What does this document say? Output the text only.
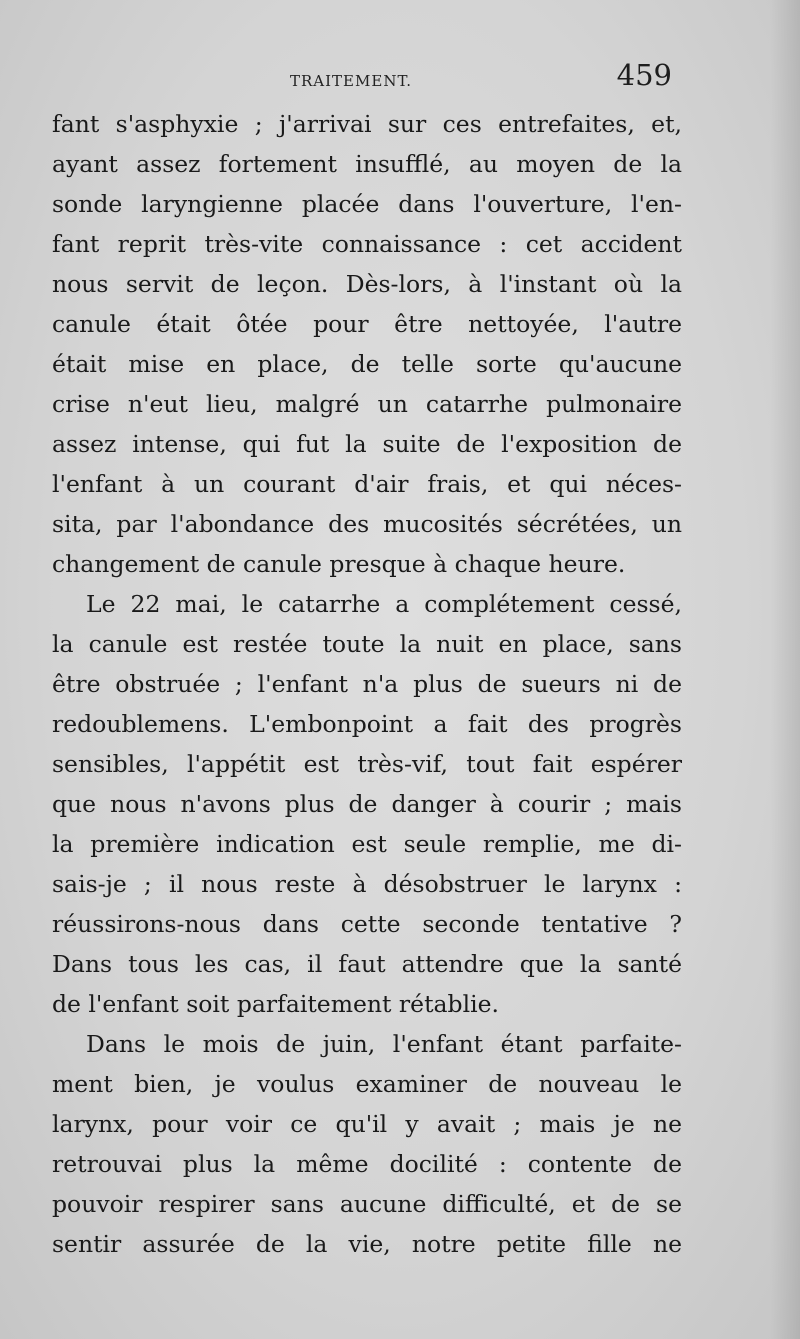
TRAITEMENT.	459
fant s'asphyxie ; j'arrivai sur ces entrefaites, et,
ayant assez fortement insufflé, au moyen de la
sonde laryngienne placée dans l'ouverture, l'en-
fant reprit très-vite connaissance : cet accident
nous servit de leçon. Dès-lors, à l'instant où la
canule était ôtée pour être nettoyée, l'autre
était mise en place, de telle sorte qu'aucune
crise n'eut lieu, malgré un catarrhe pulmonaire
assez intense, qui fut la suite de l'exposition de
l'enfant à un courant d'air frais, et qui néces-
sita, par l'abondance des mucosités sécrétées, un
changement de canule presque à chaque heure.
Le 22 mai, le catarrhe a complétement cessé,
la canule est restée toute la nuit en place, sans
être obstruée ; l'enfant n'a plus de sueurs ni de
redoublemens. L'embonpoint a fait des progrès
sensibles, l'appétit est très-vif, tout fait espérer
que nous n'avons plus de danger à courir ; mais
la première indication est seule remplie, me di-
sais-je ; il nous reste à désobstruer le larynx :
réussirons-nous dans cette seconde tentative ?
Dans tous les cas, il faut attendre que la santé
de l'enfant soit parfaitement rétablie.
Dans le mois de juin, l'enfant étant parfaite-
ment bien, je voulus examiner de nouveau le
larynx, pour voir ce qu'il y avait ; mais je ne
retrouvai plus la même docilité : contente de
pouvoir respirer sans aucune difficulté, et de se
sentir assurée de la vie, notre petite fille ne
